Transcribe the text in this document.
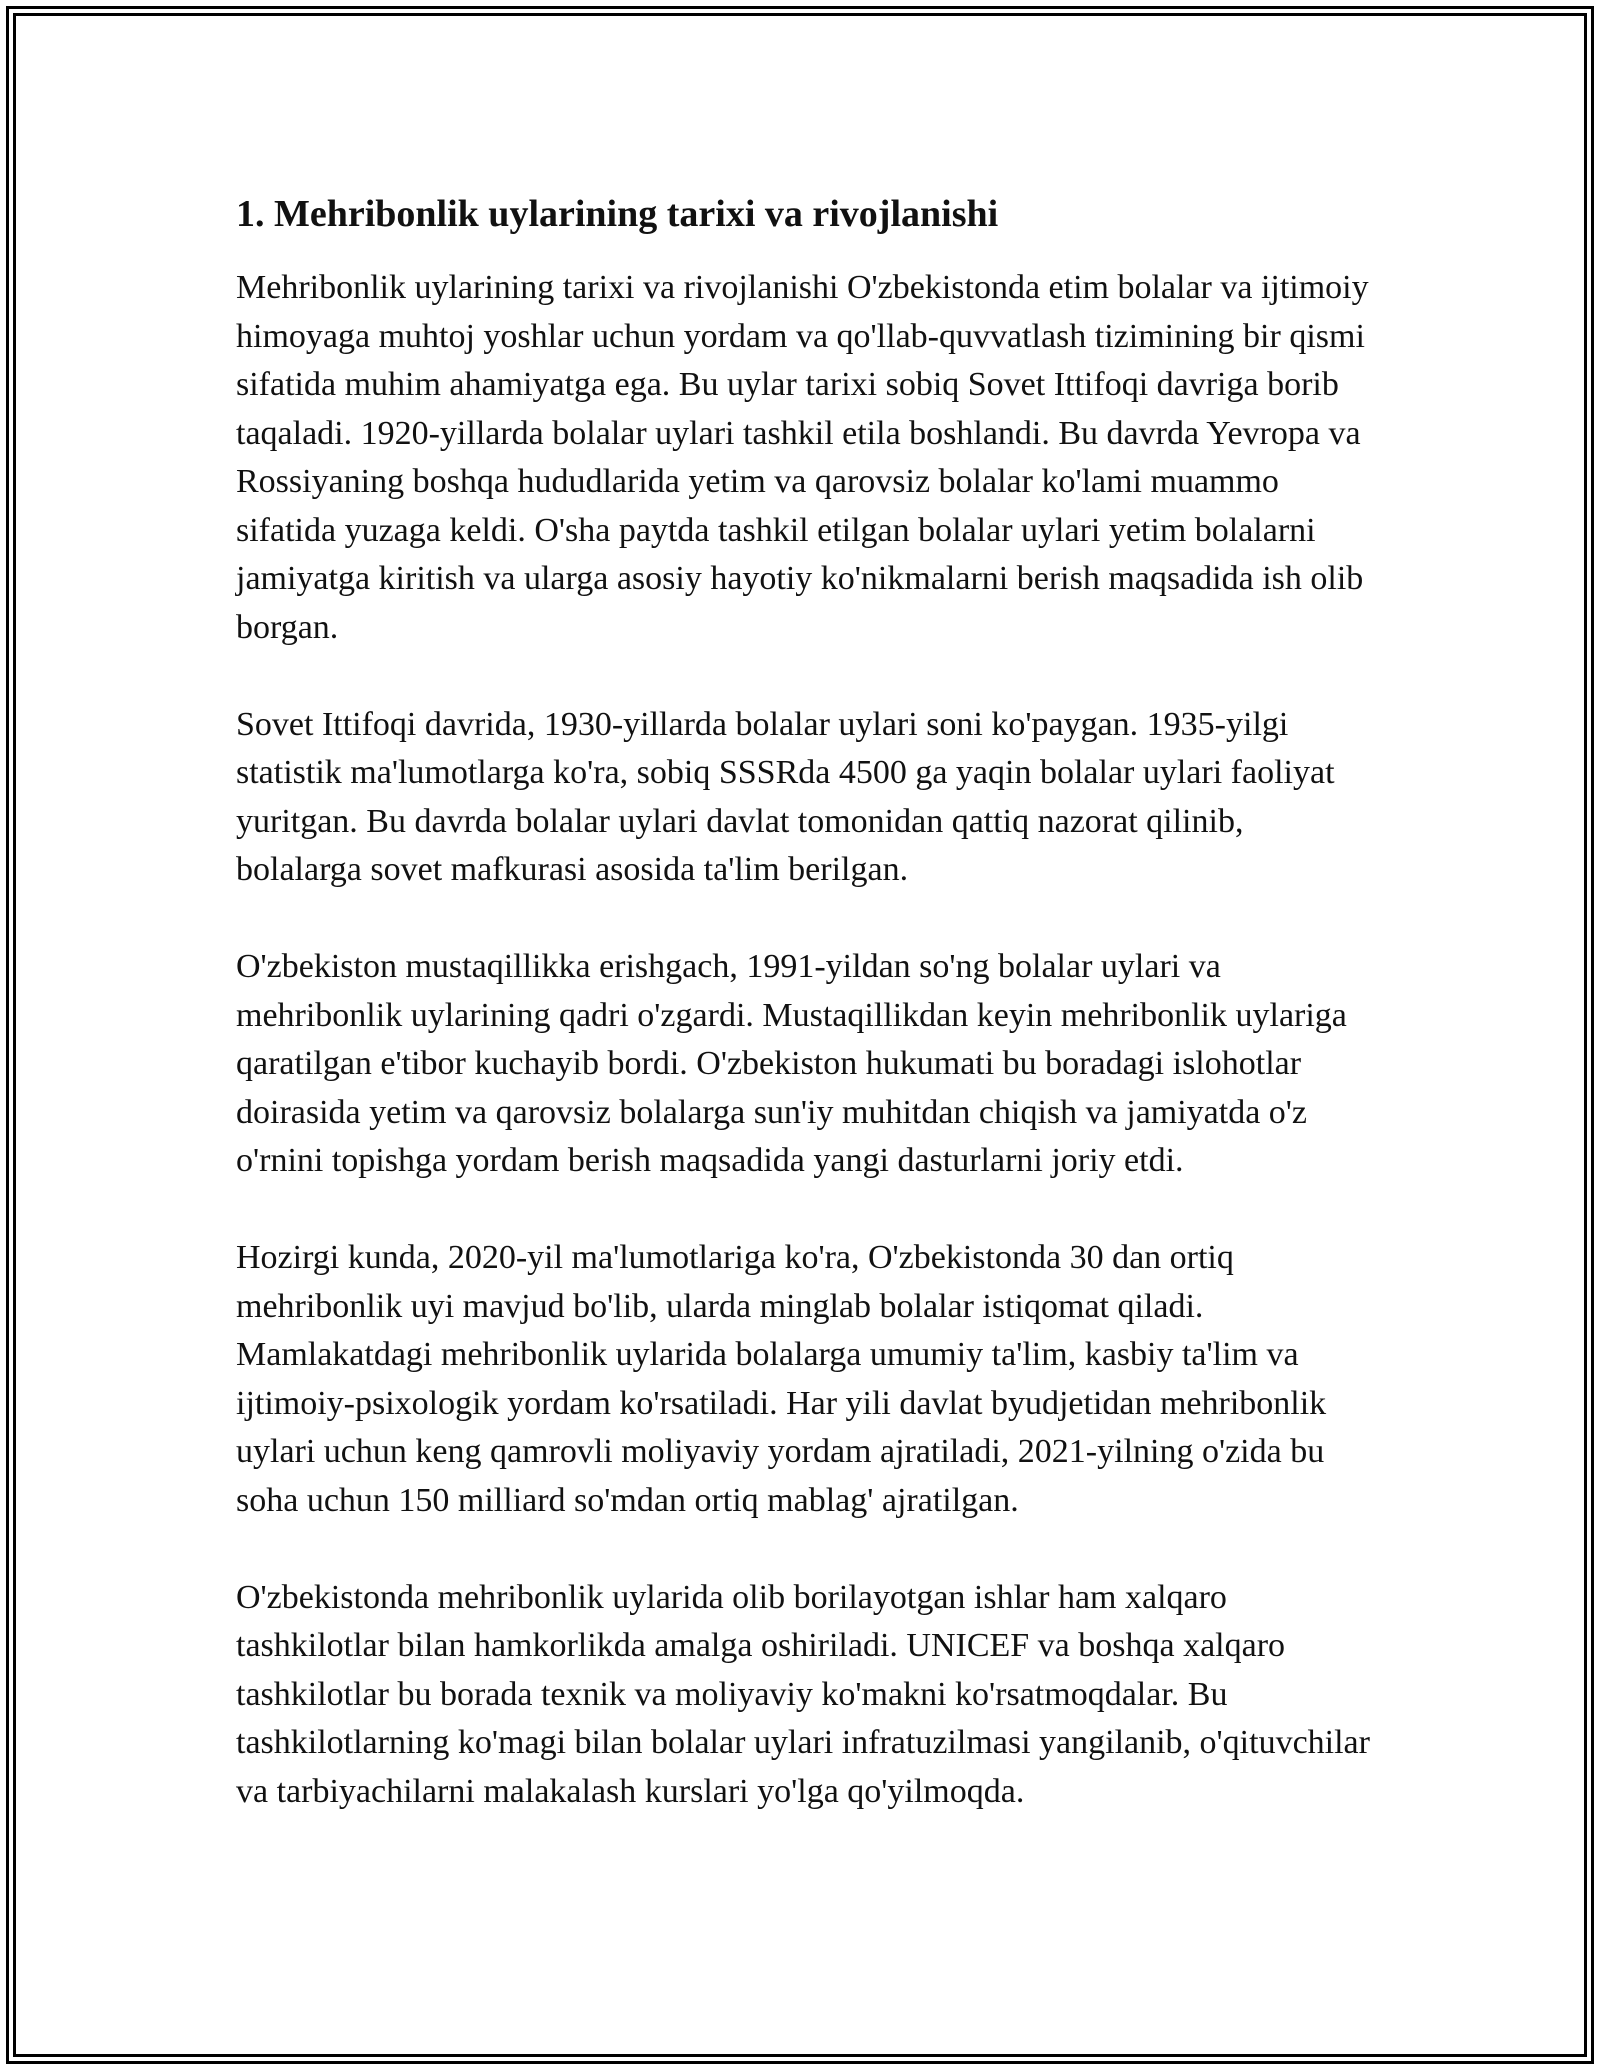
1. Mehribonlik uylarining tarixi va rivojlanishi

Mehribonlik uylarining tarixi va rivojlanishi O'zbekistonda etim bolalar va ijtimoiy himoyaga muhtoj yoshlar uchun yordam va qo'llab-quvvatlash tizimining bir qismi sifatida muhim ahamiyatga ega. Bu uylar tarixi sobiq Sovet Ittifoqi davriga borib taqaladi. 1920-yillarda bolalar uylari tashkil etila boshlandi. Bu davrda Yevropa va Rossiyaning boshqa hududlarida yetim va qarovsiz bolalar ko'lami muammo sifatida yuzaga keldi. O'sha paytda tashkil etilgan bolalar uylari yetim bolalarni jamiyatga kiritish va ularga asosiy hayotiy ko'nikmalarni berish maqsadida ish olib borgan.

Sovet Ittifoqi davrida, 1930-yillarda bolalar uylari soni ko'paygan. 1935-yilgi statistik ma'lumotlarga ko'ra, sobiq SSSRda 4500 ga yaqin bolalar uylari faoliyat yuritgan. Bu davrda bolalar uylari davlat tomonidan qattiq nazorat qilinib, bolalarga sovet mafkurasi asosida ta'lim berilgan.

O'zbekiston mustaqillikka erishgach, 1991-yildan so'ng bolalar uylari va mehribonlik uylarining qadri o'zgardi. Mustaqillikdan keyin mehribonlik uylariga qaratilgan e'tibor kuchayib bordi. O'zbekiston hukumati bu boradagi islohotlar doirasida yetim va qarovsiz bolalarga sun'iy muhitdan chiqish va jamiyatda o'z o'rnini topishga yordam berish maqsadida yangi dasturlarni joriy etdi.

Hozirgi kunda, 2020-yil ma'lumotlariga ko'ra, O'zbekistonda 30 dan ortiq mehribonlik uyi mavjud bo'lib, ularda minglab bolalar istiqomat qiladi. Mamlakatdagi mehribonlik uylarida bolalarga umumiy ta'lim, kasbiy ta'lim va ijtimoiy-psixologik yordam ko'rsatiladi. Har yili davlat byudjetidan mehribonlik uylari uchun keng qamrovli moliyaviy yordam ajratiladi, 2021-yilning o'zida bu soha uchun 150 milliard so'mdan ortiq mablag' ajratilgan.

O'zbekistonda mehribonlik uylarida olib borilayotgan ishlar ham xalqaro tashkilotlar bilan hamkorlikda amalga oshiriladi. UNICEF va boshqa xalqaro tashkilotlar bu borada texnik va moliyaviy ko'makni ko'rsatmoqdalar. Bu tashkilotlarning ko'magi bilan bolalar uylari infratuzilmasi yangilanib, o'qituvchilar va tarbiyachilarni malakalash kurslari yo'lga qo'yilmoqda.
